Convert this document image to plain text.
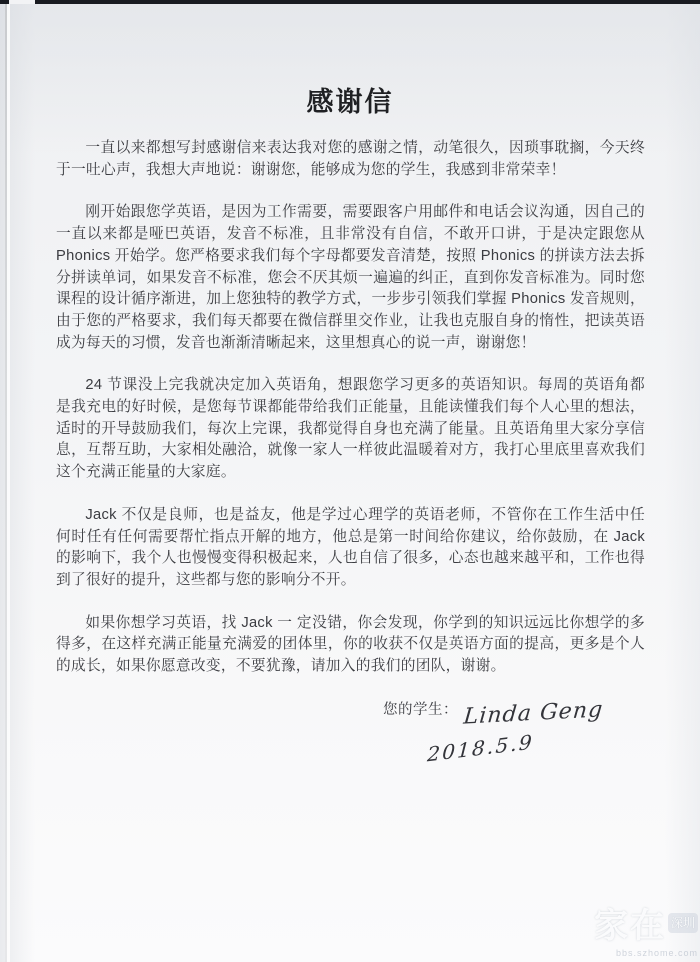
感谢信

一直以来都想写封感谢信来表达我对您的感谢之情，动笔很久，因琐事耽搁，今天终于一吐心声，我想大声地说：谢谢您，能够成为您的学生，我感到非常荣幸！

刚开始跟您学英语，是因为工作需要，需要跟客户用邮件和电话会议沟通，因自己的一直以来都是哑巴英语，发音不标准，且非常没有自信，不敢开口讲，于是决定跟您从 Phonics 开始学。您严格要求我们每个字母都要发音清楚，按照 Phonics 的拼读方法去拆分拼读单词，如果发音不标准，您会不厌其烦一遍遍的纠正，直到你发音标准为。同时您课程的设计循序渐进，加上您独特的教学方式，一步步引领我们掌握 Phonics 发音规则，由于您的严格要求，我们每天都要在微信群里交作业，让我也克服自身的惰性，把读英语成为每天的习惯，发音也渐渐清晰起来，这里想真心的说一声，谢谢您！

24 节课没上完我就决定加入英语角，想跟您学习更多的英语知识。每周的英语角都是我充电的好时候，是您每节课都能带给我们正能量，且能读懂我们每个人心里的想法，适时的开导鼓励我们，每次上完课，我都觉得自身也充满了能量。且英语角里大家分享信息，互帮互助，大家相处融洽，就像一家人一样彼此温暖着对方，我打心里底里喜欢我们这个充满正能量的大家庭。

Jack 不仅是良师，也是益友，他是学过心理学的英语老师，不管你在工作生活中任何时任有任何需要帮忙指点开解的地方，他总是第一时间给你建议，给你鼓励，在 Jack 的影响下，我个人也慢慢变得积极起来，人也自信了很多，心态也越来越平和，工作也得到了很好的提升，这些都与您的影响分不开。

如果你想学习英语，找 Jack 一 定没错，你会发现，你学到的知识远远比你想学的多得多，在这样充满正能量充满爱的团体里，你的收获不仅是英语方面的提高，更多是个人的成长，如果你愿意改变，不要犹豫，请加入的我们的团队，谢谢。

您的学生： Linda Geng
2018.5.9
家在 深圳
bbs.szhome.com
